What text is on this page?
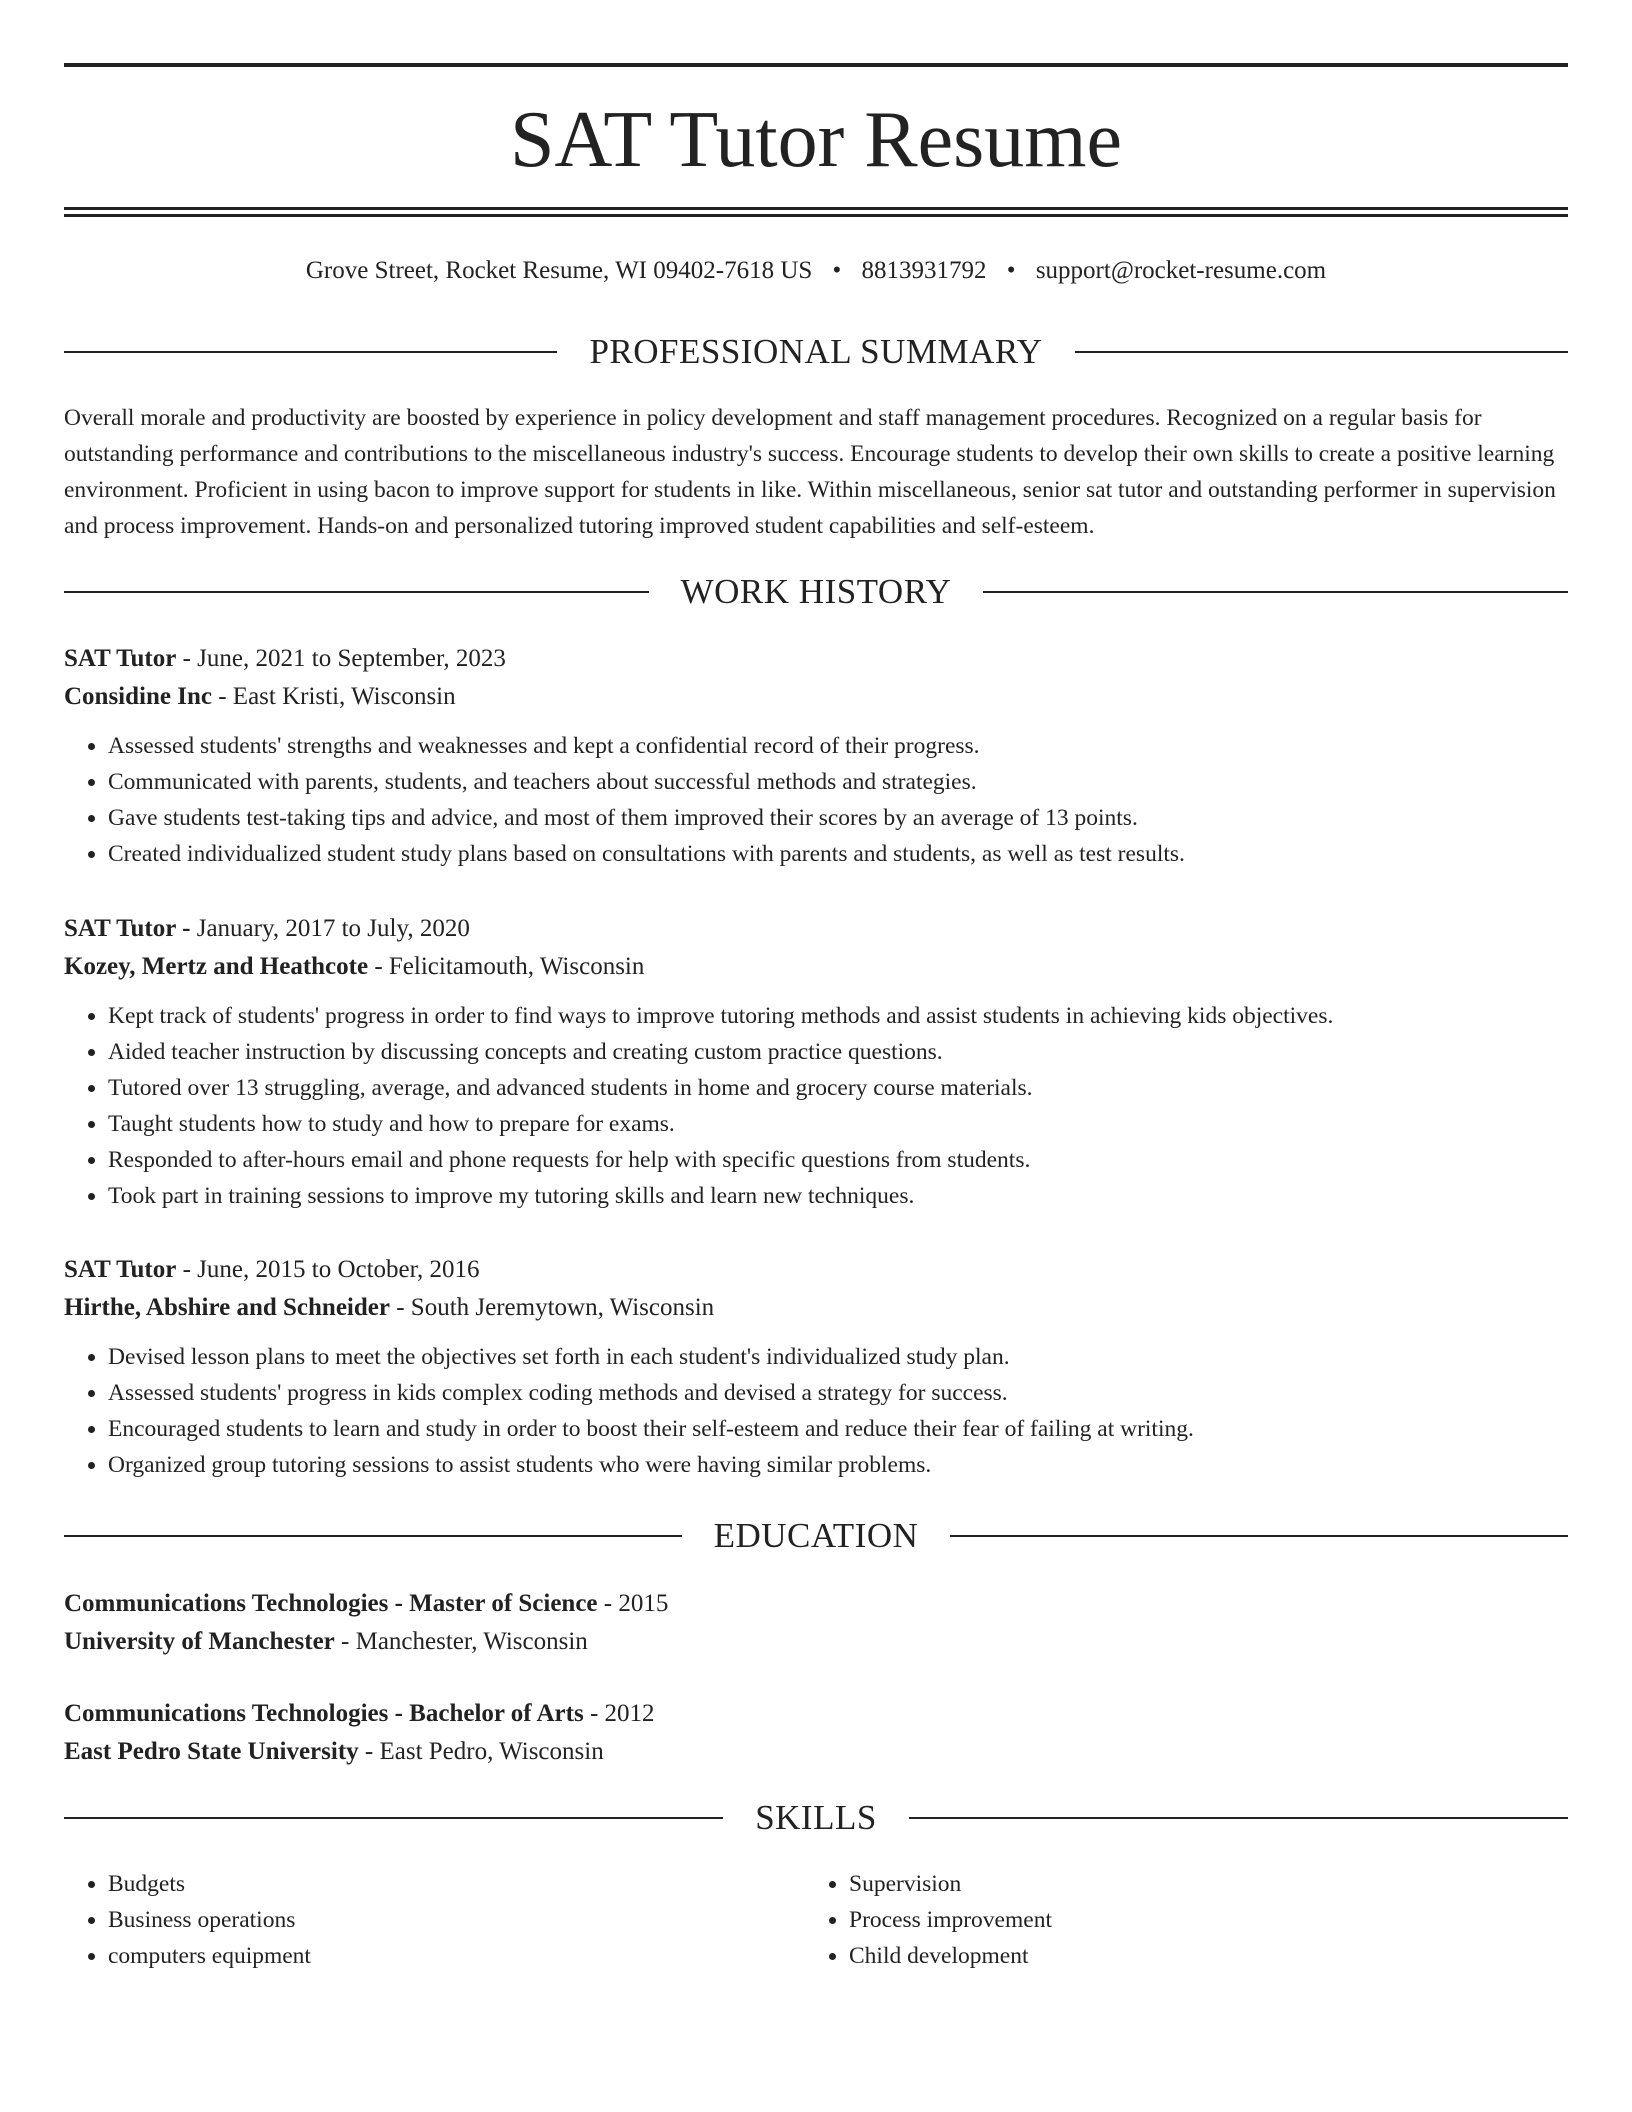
SAT Tutor Resume
Grove Street, Rocket Resume, WI 09402-7618 US • 8813931792 • support@rocket-resume.com
PROFESSIONAL SUMMARY

Overall morale and productivity are boosted by experience in policy development and staff management procedures. Recognized on a regular basis for outstanding performance and contributions to the miscellaneous industry's success. Encourage students to develop their own skills to create a positive learning environment. Proficient in using bacon to improve support for students in like. Within miscellaneous, senior sat tutor and outstanding performer in supervision and process improvement. Hands-on and personalized tutoring improved student capabilities and self-esteem.

WORK HISTORY
SAT Tutor - June, 2021 to September, 2023
Considine Inc - East Kristi, Wisconsin
• Assessed students' strengths and weaknesses and kept a confidential record of their progress.
• Communicated with parents, students, and teachers about successful methods and strategies.
• Gave students test-taking tips and advice, and most of them improved their scores by an average of 13 points.
• Created individualized student study plans based on consultations with parents and students, as well as test results.
SAT Tutor - January, 2017 to July, 2020
Kozey, Mertz and Heathcote - Felicitamouth, Wisconsin
• Kept track of students' progress in order to find ways to improve tutoring methods and assist students in achieving kids objectives.
• Aided teacher instruction by discussing concepts and creating custom practice questions.
• Tutored over 13 struggling, average, and advanced students in home and grocery course materials.
• Taught students how to study and how to prepare for exams.
• Responded to after-hours email and phone requests for help with specific questions from students.
• Took part in training sessions to improve my tutoring skills and learn new techniques.
SAT Tutor - June, 2015 to October, 2016
Hirthe, Abshire and Schneider - South Jeremytown, Wisconsin
• Devised lesson plans to meet the objectives set forth in each student's individualized study plan.
• Assessed students' progress in kids complex coding methods and devised a strategy for success.
• Encouraged students to learn and study in order to boost their self-esteem and reduce their fear of failing at writing.
• Organized group tutoring sessions to assist students who were having similar problems.
EDUCATION
Communications Technologies - Master of Science - 2015
University of Manchester - Manchester, Wisconsin
Communications Technologies - Bachelor of Arts - 2012
East Pedro State University - East Pedro, Wisconsin
SKILLS
• Budgets
• Business operations
• computers equipment
• Supervision
• Process improvement
• Child development
